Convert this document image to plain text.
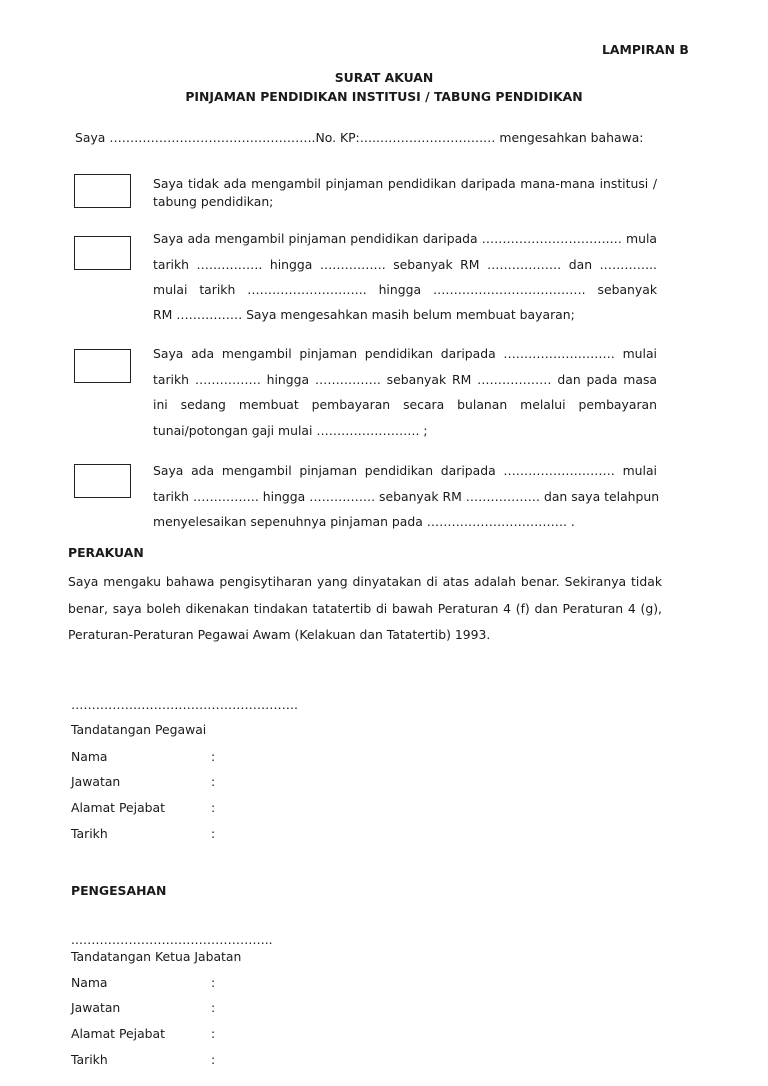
LAMPIRAN B
SURAT AKUAN
PINJAMAN PENDIDIKAN INSTITUSI / TABUNG PENDIDIKAN
Saya …………………………………………..No. KP:…..…………………….… mengesahkan bahawa:
Saya tidak ada mengambil pinjaman pendidikan daripada mana-mana institusi /
tabung pendidikan;
Saya ada mengambil pinjaman pendidikan daripada ………………………….… mula
tarikh ……………. hingga ……………. sebanyak RM ……………… dan …………..
mulai tarikh ……………………….. hingga ………………………………. sebanyak
RM ……………. Saya mengesahkan masih belum membuat bayaran;
Saya ada mengambil pinjaman pendidikan daripada ……………………… mulai
tarikh ……………. hingga ……………. sebanyak RM ……………… dan pada masa
ini sedang membuat pembayaran secara bulanan melalui pembayaran
tunai/potongan gaji mulai ……………………. ;
Saya ada mengambil pinjaman pendidikan daripada ……………………… mulai
tarikh ……………. hingga ……………. sebanyak RM ……………… dan saya telahpun
menyelesaikan sepenuhnya pinjaman pada ……………………………. .
PERAKUAN
Saya mengaku bahawa pengisytiharan yang dinyatakan di atas adalah benar. Sekiranya tidak
benar, saya boleh dikenakan tindakan tatatertib di bawah Peraturan 4 (f) dan Peraturan 4 (g),
Peraturan-Peraturan Pegawai Awam (Kelakuan dan Tatatertib) 1993.
……………………………………………….
Tandatangan Pegawai
Nama	:
Jawatan	:
Alamat Pejabat	:
Tarikh	:
PENGESAHAN
..………………………………………..
Tandatangan Ketua Jabatan
Nama	:
Jawatan	:
Alamat Pejabat	:
Tarikh	:
